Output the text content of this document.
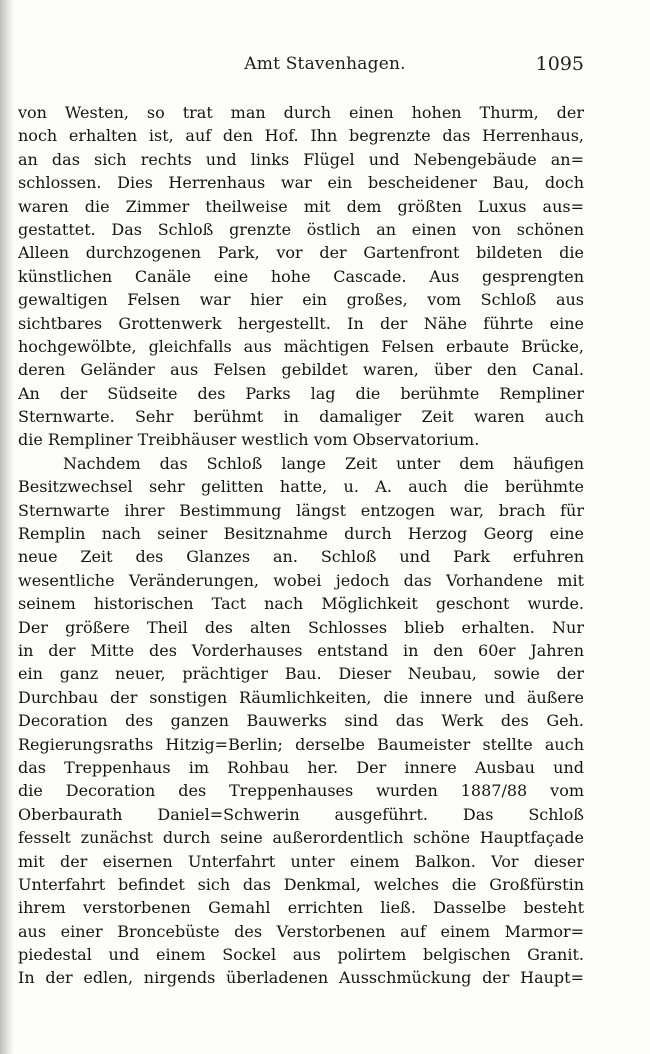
Amt Stavenhagen.	1095
von Westen, so trat man durch einen hohen Thurm, der
noch erhalten ist, auf den Hof. Ihn begrenzte das Herrenhaus,
an das sich rechts und links Flügel und Nebengebäude an=
schlossen. Dies Herrenhaus war ein bescheidener Bau, doch
waren die Zimmer theilweise mit dem größten Luxus aus=
gestattet. Das Schloß grenzte östlich an einen von schönen
Alleen durchzogenen Park, vor der Gartenfront bildeten die
künstlichen Canäle eine hohe Cascade. Aus gesprengten
gewaltigen Felsen war hier ein großes, vom Schloß aus
sichtbares Grottenwerk hergestellt. In der Nähe führte eine
hochgewölbte, gleichfalls aus mächtigen Felsen erbaute Brücke,
deren Geländer aus Felsen gebildet waren, über den Canal.
An der Südseite des Parks lag die berühmte Rempliner
Sternwarte. Sehr berühmt in damaliger Zeit waren auch
die Rempliner Treibhäuser westlich vom Observatorium.
Nachdem das Schloß lange Zeit unter dem häufigen
Besitzwechsel sehr gelitten hatte, u. A. auch die berühmte
Sternwarte ihrer Bestimmung längst entzogen war, brach für
Remplin nach seiner Besitznahme durch Herzog Georg eine
neue Zeit des Glanzes an. Schloß und Park erfuhren
wesentliche Veränderungen, wobei jedoch das Vorhandene mit
seinem historischen Tact nach Möglichkeit geschont wurde.
Der größere Theil des alten Schlosses blieb erhalten. Nur
in der Mitte des Vorderhauses entstand in den 60er Jahren
ein ganz neuer, prächtiger Bau. Dieser Neubau, sowie der
Durchbau der sonstigen Räumlichkeiten, die innere und äußere
Decoration des ganzen Bauwerks sind das Werk des Geh.
Regierungsraths Hitzig=Berlin; derselbe Baumeister stellte auch
das Treppenhaus im Rohbau her. Der innere Ausbau und
die Decoration des Treppenhauses wurden 1887/88 vom
Oberbaurath Daniel=Schwerin ausgeführt. Das Schloß
fesselt zunächst durch seine außerordentlich schöne Hauptfaçade
mit der eisernen Unterfahrt unter einem Balkon. Vor dieser
Unterfahrt befindet sich das Denkmal, welches die Großfürstin
ihrem verstorbenen Gemahl errichten ließ. Dasselbe besteht
aus einer Broncebüste des Verstorbenen auf einem Marmor=
piedestal und einem Sockel aus polirtem belgischen Granit.
In der edlen, nirgends überladenen Ausschmückung der Haupt=
